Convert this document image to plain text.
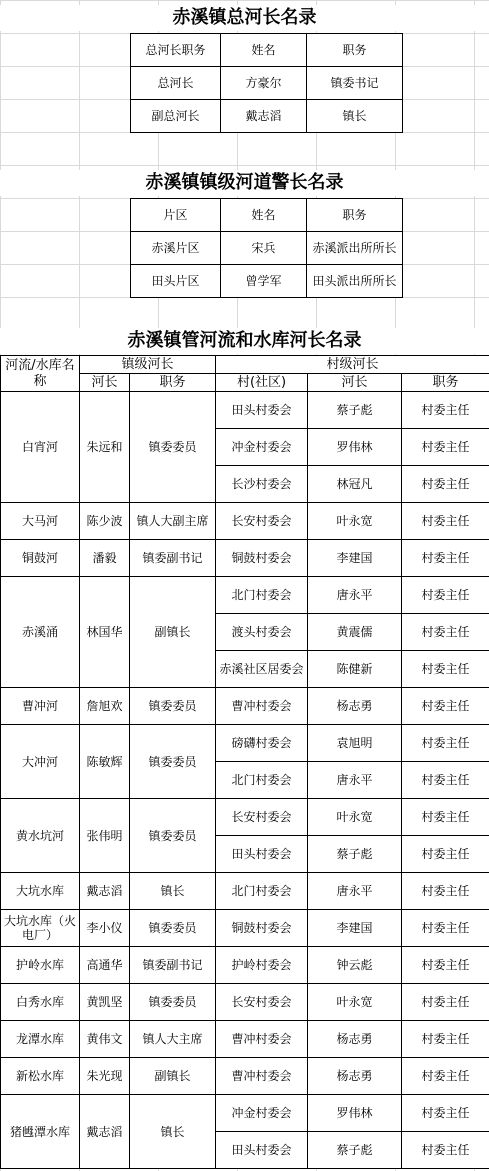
赤溪镇总河长名录
总河长职务	姓名	职务
总河长	方豪尔	镇委书记
副总河长	戴志滔	镇长
赤溪镇镇级河道警长名录
片区	姓名	职务
赤溪片区	宋兵	赤溪派出所所长
田头片区	曾学军	田头派出所所长
赤溪镇管河流和水库河长名录
河流/水库名称	镇级河长		村级河长		
	河长	职务	村(社区)	河长	职务
白宵河	朱远和	镇委委员	田头村委会	蔡子彪	村委主任
			冲金村委会	罗伟林	村委主任
			长沙村委会	林冠凡	村委主任
大马河	陈少波	镇人大副主席	长安村委会	叶永宽	村委主任
铜鼓河	潘毅	镇委副书记	铜鼓村委会	李建国	村委主任
赤溪涌	林国华	副镇长	北门村委会	唐永平	村委主任
			渡头村委会	黄震儒	村委主任
			赤溪社区居委会	陈健新	村委主任
曹冲河	詹旭欢	镇委委员	曹冲村委会	杨志勇	村委主任
大冲河	陈敏辉	镇委委员	磅礴村委会	袁旭明	村委主任
			北门村委会	唐永平	村委主任
黄水坑河	张伟明	镇委委员	长安村委会	叶永宽	村委主任
			田头村委会	蔡子彪	村委主任
大坑水库	戴志滔	镇长	北门村委会	唐永平	村委主任
大坑水库（火电厂）	李小仪	镇委委员	铜鼓村委会	李建国	村委主任
护岭水库	高通华	镇委副书记	护岭村委会	钟云彪	村委主任
白秀水库	黄凯坚	镇委委员	长安村委会	叶永宽	村委主任
龙潭水库	黄伟文	镇人大主席	曹冲村委会	杨志勇	村委主任
新松水库	朱光现	副镇长	曹冲村委会	杨志勇	村委主任
猪乸潭水库	戴志滔	镇长	冲金村委会	罗伟林	村委主任
			田头村委会	蔡子彪	村委主任
